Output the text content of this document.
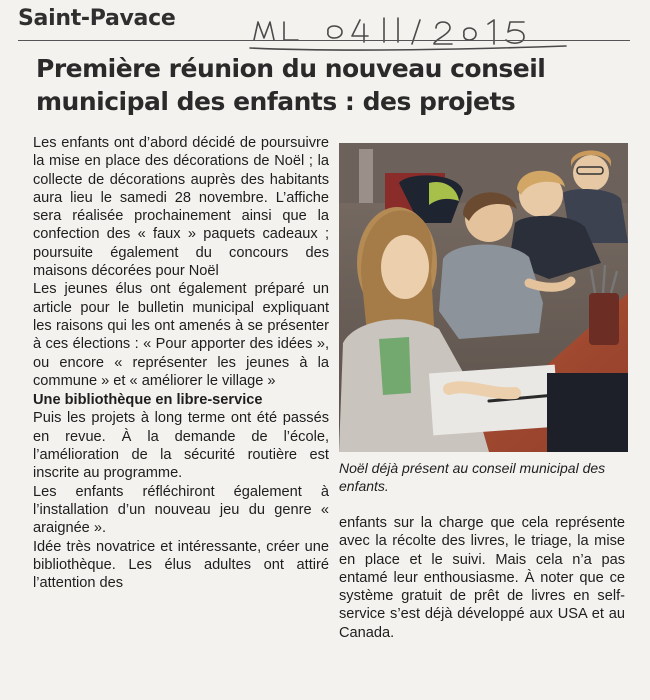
Saint-Pavace
Première réunion du nouveau conseil
municipal des enfants : des projets

Les enfants ont d’abord décidé de poursuivre la mise en place des décorations de Noël ; la collecte de décorations auprès des habitants aura lieu le samedi 28 novembre. L’affiche sera réalisée prochainement ainsi que la confection des « faux » paquets cadeaux ; poursuite également du concours des maisons décorées pour Noël

Les jeunes élus ont également préparé un article pour le bulletin municipal expliquant les raisons qui les ont amenés à se présenter à ces élections : « Pour apporter des idées », ou encore « représenter les jeunes à la commune » et « améliorer le village »

Une bibliothèque en libre-service

Puis les projets à long terme ont été passés en revue. À la demande de l’école, l’amélioration de la sécurité routière est inscrite au programme.

Les enfants réfléchiront également à l’installation d’un nouveau jeu du genre « araignée ».

Idée très novatrice et intéressante, créer une bibliothèque. Les élus adultes ont attiré l’attention des

Noël déjà présent au conseil municipal des enfants.

enfants sur la charge que cela représente avec la récolte des livres, le triage, la mise en place et le suivi. Mais cela n’a pas entamé leur enthousiasme. À noter que ce système gratuit de prêt de livres en self-service s’est déjà développé aux USA et au Canada.
